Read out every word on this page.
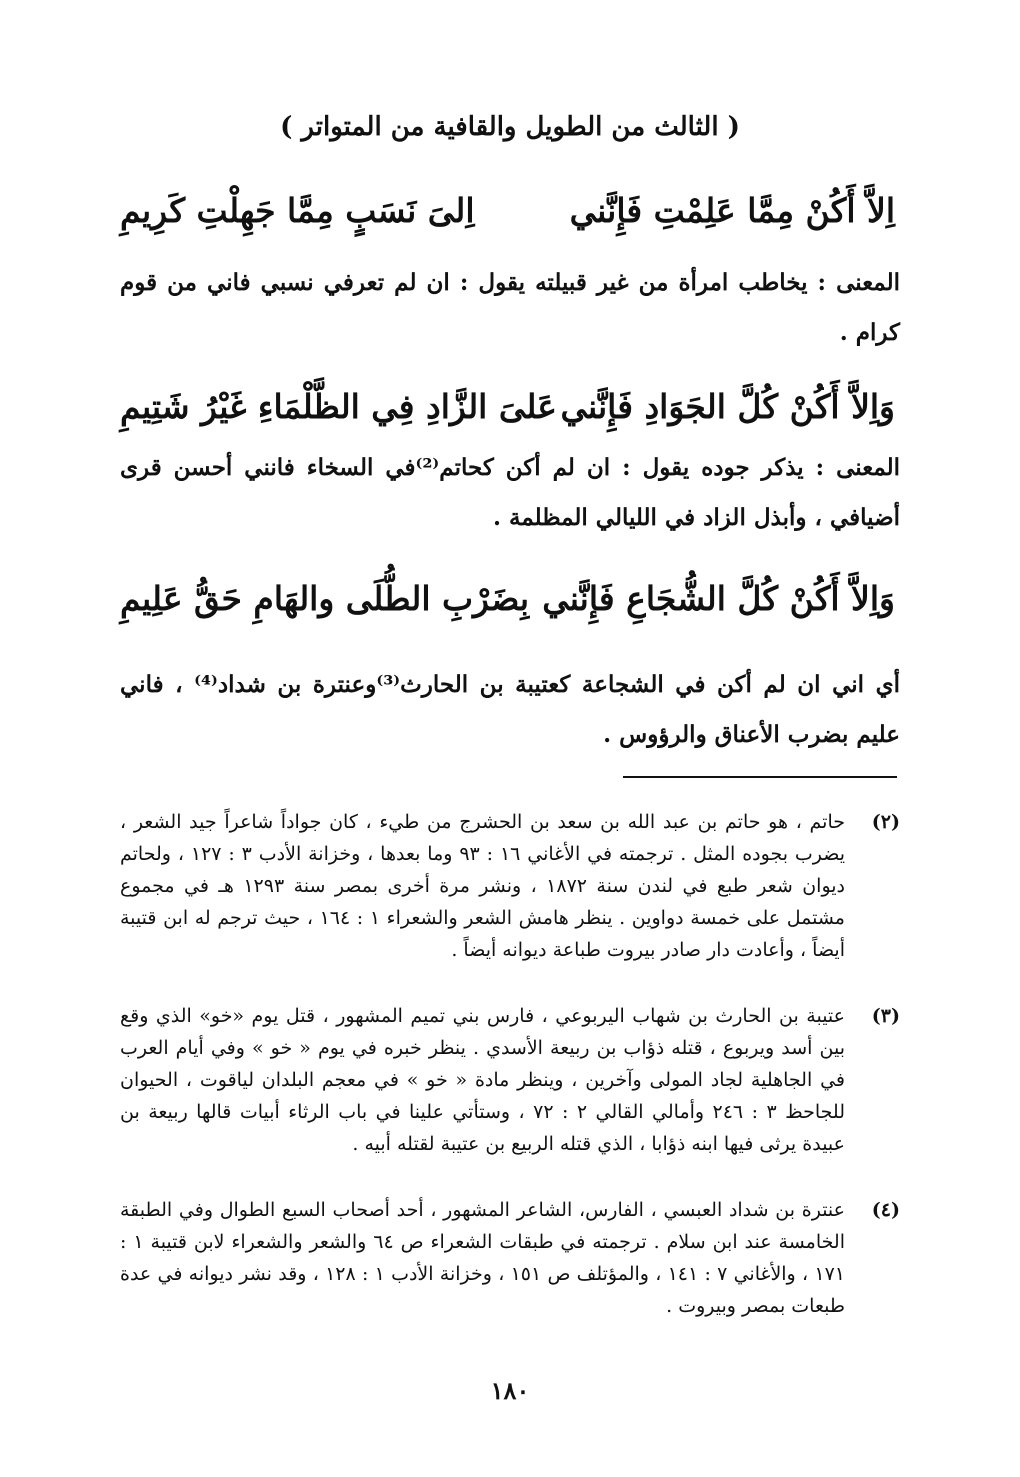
( الثالث من الطويل والقافية من المتواتر )
اِلاَّ أَكُنْ مِمَّا عَلِمْتِ فَإِنَّني
اِلىَ نَسَبٍ مِمَّا جَهِلْتِ كَرِيمِ
المعنى : يخاطب امرأة من غير قبيلته يقول : ان لم تعرفي نسبي فاني من قوم كرام .
وَاِلاَّ أَكُنْ كُلَّ الجَوَادِ فَإِنَّني
عَلىَ الزَّادِ فِي الظَّلْمَاءِ غَيْرُ شَتِيمِ
المعنى : يذكر جوده يقول : ان لم أكن كحاتم⁽²⁾في السخاء فانني أحسن قرى أضيافي ، وأبذل الزاد في الليالي المظلمة .
وَاِلاَّ أَكُنْ كُلَّ الشُّجَاعِ فَإِنَّني
بِضَرْبِ الطُّلَى والهَامِ حَقُّ عَلِيمِ
أي اني ان لم أكن في الشجاعة كعتيبة بن الحارث⁽³⁾وعنترة بن شداد⁽⁴⁾ ، فاني عليم بضرب الأعناق والرؤوس .
(٢)
حاتم ، هو حاتم بن عبد الله بن سعد بن الحشرج من طيء ، كان جواداً شاعراً جيد الشعر ، يضرب بجوده المثل . ترجمته في الأغاني ١٦ : ٩٣ وما بعدها ، وخزانة الأدب ٣ : ١٢٧ ، ولحاتم ديوان شعر طبع في لندن سنة ١٨٧٢ ، ونشر مرة أخرى بمصر سنة ١٢٩٣ هـ في مجموع مشتمل على خمسة دواوين . ينظر هامش الشعر والشعراء ١ : ١٦٤ ، حيث ترجم له ابن قتيبة أيضاً ، وأعادت دار صادر بيروت طباعة ديوانه أيضاً .
(٣)
عتيبة بن الحارث بن شهاب اليربوعي ، فارس بني تميم المشهور ، قتل يوم «خو» الذي وقع بين أسد ويربوع ، قتله ذؤاب بن ربيعة الأسدي . ينظر خبره في يوم « خو » وفي أيام العرب في الجاهلية لجاد المولى وآخرين ، وينظر مادة « خو » في معجم البلدان لياقوت ، الحيوان للجاحظ ٣ : ٢٤٦ وأمالي القالي ٢ : ٧٢ ، وستأتي علينا في باب الرثاء أبيات قالها ربيعة بن عبيدة يرثى فيها ابنه ذؤابا ، الذي قتله الربيع بن عتيبة لقتله أبيه .
(٤)
عنترة بن شداد العبسي ، الفارس، الشاعر المشهور ، أحد أصحاب السبع الطوال وفي الطبقة الخامسة عند ابن سلام . ترجمته في طبقات الشعراء ص ٦٤ والشعر والشعراء لابن قتيبة ١ : ١٧١ ، والأغاني ٧ : ١٤١ ، والمؤتلف ص ١٥١ ، وخزانة الأدب ١ : ١٢٨ ، وقد نشر ديوانه في عدة طبعات بمصر وبيروت .
١٨٠
